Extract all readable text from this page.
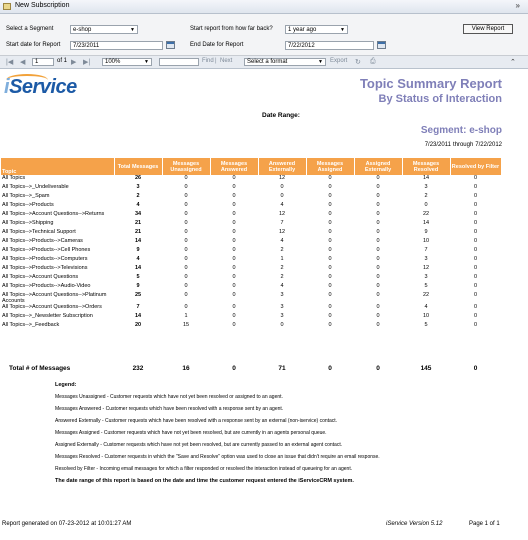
New Subscription	»
Select a Segment	e-shop	▼	Start report from how far back?	1 year ago	▼
Start date for Report	7/23/2011	End Date for Report	7/22/2012
View Report
|◀ ◀	1	of 1 ▶ ▶|	100%	▼	Find | Next	Select a format	▼ Export ↻ ⎙	⌃
iService	Topic Summary Report
By Status of Interaction
Date Range:
Segment: e-shop
7/23/2011 through 7/22/2012
Topic	Total Messages	Messages Unassigned	Messages Answered	Answered Externally	Messages Assigned	Assigned Externally	Messages Resolved	Resolved by Filter
All Topics	26	0	0	12	0	0	14	0
All Topics-->_Undeliverable	3	0	0	0	0	0	3	0
All Topics-->_Spam	2	0	0	0	0	0	2	0
All Topics-->Products	4	0	0	4	0	0	0	0
All Topics-->Account Questions-->Returns	34	0	0	12	0	0	22	0
All Topics-->Shipping	21	0	0	7	0	0	14	0
All Topics-->Technical Support	21	0	0	12	0	0	9	0
All Topics-->Products-->Cameras	14	0	0	4	0	0	10	0
All Topics-->Products-->Cell Phones	9	0	0	2	0	0	7	0
All Topics-->Products-->Computers	4	0	0	1	0	0	3	0
All Topics-->Products-->Televisions	14	0	0	2	0	0	12	0
All Topics-->Account Questions	5	0	0	2	0	0	3	0
All Topics-->Products-->Audio-Video	9	0	0	4	0	0	5	0
All Topics-->Account Questions-->Platinum Accounts	25	0	0	3	0	0	22	0
All Topics-->Account Questions-->Orders	7	0	0	3	0	0	4	0
All Topics-->_Newsletter Subscription	14	1	0	3	0	0	10	0
All Topics-->_Feedback	20	15	0	0	0	0	5	0
Total # of Messages	232	16	0	71	0	0	145	0
Legend:
Messages Unassigned - Customer requests which have not yet been resolved or assigned to an agent.
Messages Answered - Customer requests which have been resolved with a response sent by an agent.
Answered Externally - Customer requests which have been resolved with a response sent by an external (non-iservice) contact.
Messages Assigned - Customer requests which have not yet been resolved, but are currently in an agents personal queue.
Assigned Externally - Customer requests which have not yet been resolved, but are currently passed to an external agent contact.
Messages Resolved - Customer requests in which the "Save and Resolve" option was used to close an issue that didn't require an email response.
Resolved by Filter - Incoming email messages for which a filter responded or resolved the interaction instead of queueing for an agent.
The date range of this report is based on the date and time the customer request entered the iServiceCRM system.
Report generated on 07-23-2012 at 10:01:27 AM	iService Version 5.12	Page 1 of 1
